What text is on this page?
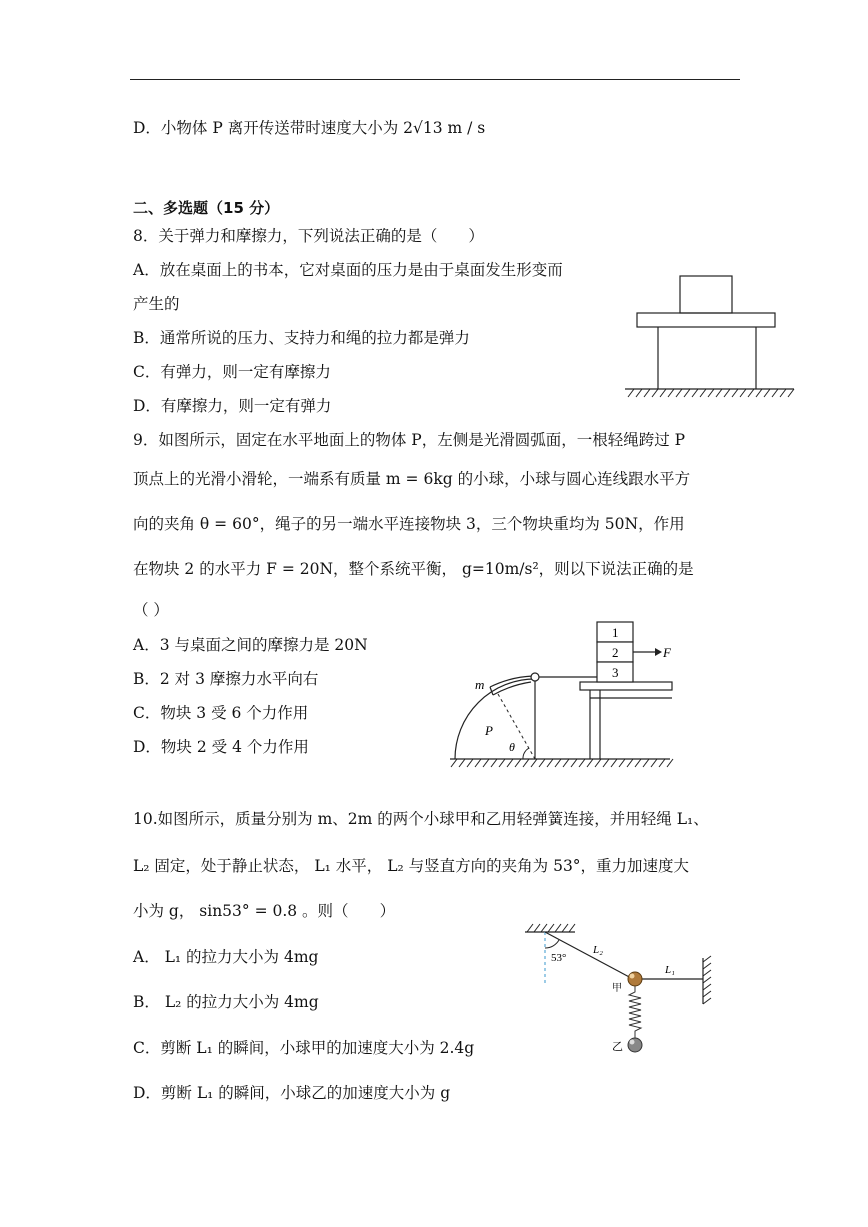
D．小物体 P 离开传送带时速度大小为 2√13 m / s
二、多选题（15 分）
8．关于弹力和摩擦力，下列说法正确的是（　　）
A．放在桌面上的书本，它对桌面的压力是由于桌面发生形变而
产生的
B．通常所说的压力、支持力和绳的拉力都是弹力
C．有弹力，则一定有摩擦力
D．有摩擦力，则一定有弹力
9．如图所示，固定在水平地面上的物体 P，左侧是光滑圆弧面，一根轻绳跨过 P
顶点上的光滑小滑轮，一端系有质量 m = 6kg 的小球，小球与圆心连线跟水平方
向的夹角 θ = 60°，绳子的另一端水平连接物块 3，三个物块重均为 50N，作用
在物块 2 的水平力 F = 20N，整个系统平衡， g=10m/s²，则以下说法正确的是
（ ）
A．3 与桌面之间的摩擦力是 20N
B．2 对 3 摩擦力水平向右
C．物块 3 受 6 个力作用
D．物块 2 受 4 个力作用
10.如图所示，质量分别为 m、2m 的两个小球甲和乙用轻弹簧连接，并用轻绳 L₁、
L₂ 固定，处于静止状态， L₁ 水平， L₂ 与竖直方向的夹角为 53°，重力加速度大
小为 g， sin53° = 0.8 。则（　　）
A． L₁ 的拉力大小为 4mg
B． L₂ 的拉力大小为 4mg
C．剪断 L₁ 的瞬间，小球甲的加速度大小为 2.4g
D．剪断 L₁ 的瞬间，小球乙的加速度大小为 g
1
2
3
F
m
P
θ
53°
L₂
L₁
甲
乙
